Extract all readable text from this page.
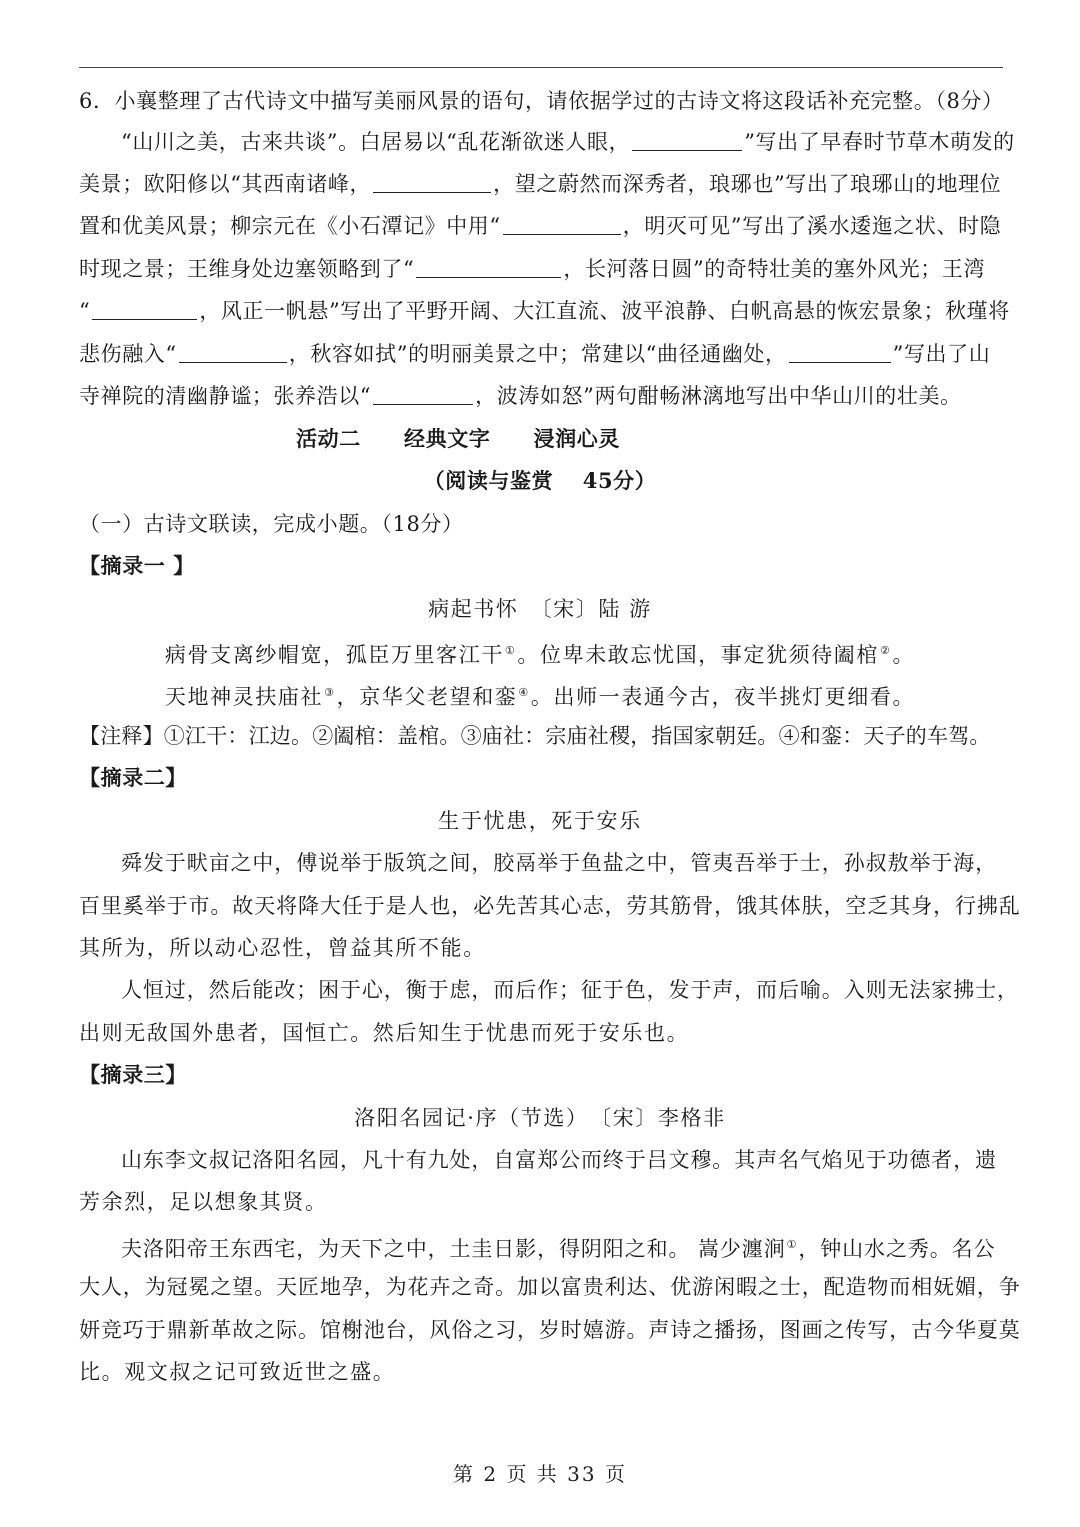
6．小襄整理了古代诗文中描写美丽风景的语句，请依据学过的古诗文将这段话补充完整。（8分）
“山川之美，古来共谈”。白居易以“乱花渐欲迷人眼，	”写出了早春时节草木萌发的
美景；欧阳修以“其西南诸峰，	，望之蔚然而深秀者，琅琊也”写出了琅琊山的地理位
置和优美风景；柳宗元在《小石潭记》中用“	，明灭可见”写出了溪水逶迤之状、时隐
时现之景；王维身处边塞领略到了“	，长河落日圆”的奇特壮美的塞外风光；王湾
“	，风正一帆悬”写出了平野开阔、大江直流、波平浪静、白帆高悬的恢宏景象；秋瑾将
悲伤融入“	，秋容如拭”的明丽美景之中；常建以“曲径通幽处，	”写出了山
寺禅院的清幽静谧；张养浩以“	，波涛如怒”两句酣畅淋漓地写出中华山川的壮美。
活动二　　经典文字　　浸润心灵
（阅读与鉴赏　 45分）
（一）古诗文联读，完成小题。（18分）
【摘录一 】
病起书怀　〔宋〕陆 游
病骨支离纱帽宽，孤臣万里客江干①。位卑未敢忘忧国，事定犹须待阖棺②。
天地神灵扶庙社③，京华父老望和銮④。出师一表通今古，夜半挑灯更细看。
【注释】①江干：江边。②阖棺：盖棺。③庙社：宗庙社稷，指国家朝廷。④和銮：天子的车驾。
【摘录二】
生于忧患，死于安乐
舜发于畎亩之中，傅说举于版筑之间，胶鬲举于鱼盐之中，管夷吾举于士，孙叔敖举于海，
百里奚举于市。故天将降大任于是人也，必先苦其心志，劳其筋骨，饿其体肤，空乏其身，行拂乱
其所为，所以动心忍性，曾益其所不能。
人恒过，然后能改；困于心，衡于虑，而后作；征于色，发于声，而后喻。入则无法家拂士，
出则无敌国外患者，国恒亡。然后知生于忧患而死于安乐也。
【摘录三】
洛阳名园记·序（节选）　〔宋〕李格非
山东李文叔记洛阳名园，凡十有九处，自富郑公而终于吕文穆。其声名气焰见于功德者，遗
芳余烈，足以想象其贤。
夫洛阳帝王东西宅，为天下之中，土圭日影，得阴阳之和。 嵩少瀍涧①，钟山水之秀。名公
大人，为冠冕之望。天匠地孕，为花卉之奇。加以富贵利达、优游闲暇之士，配造物而相妩媚，争
妍竞巧于鼎新革故之际。馆榭池台，风俗之习，岁时嬉游。声诗之播扬，图画之传写，古今华夏莫
比。观文叔之记可致近世之盛。
第 2 页 共 33 页
